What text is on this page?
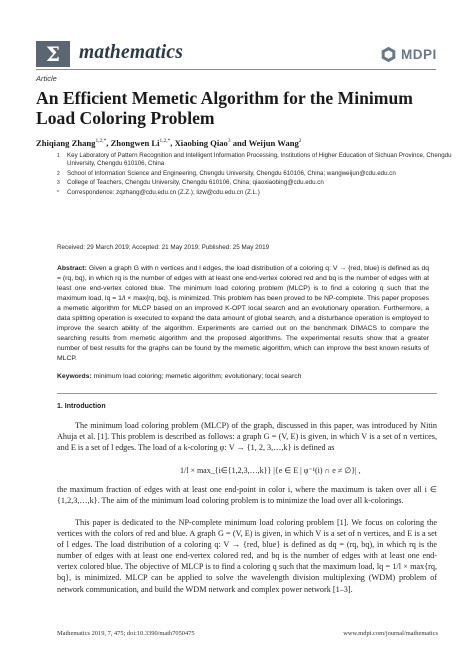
Σ mathematics	MDPI
Article
An Efficient Memetic Algorithm for the Minimum Load Coloring Problem
Zhiqiang Zhang$^{1,2,*}$, Zhongwen $Li^{1,2,*}$, Xiaobing Qiao$^3$ and Weijun Wang$^2$
1 Key Laboratory of Pattern Recognition and Intelligent Information Processing, Institutions of Higher Education of Sichuan Province, Chengdu University, Chengdu 610106, China
2 School of Information Science and Engineering, Chengdu University, Chengdu 610106, China; wangweijun@cdu.edu.cn
3 College of Teachers, Chengdu University, Chengdu 610106, China; qiaoxiaobing@cdu.edu.cn
* Correspondence: zqzhang@cdu.edu.cn (Z.Z.); lizw@cdu.edu.cn (Z.L.)
Received: 29 March 2019; Accepted: 21 May 2019; Published: 25 May 2019
Abstract: Given a graph G with n vertices and l edges, the load distribution of a coloring q: V → {red, blue} is defined as dq = (rq, bq), in which rq is the number of edges with at least one end-vertex colored red and bq is the number of edges with at least one end-vertex colored blue. The minimum load coloring problem (MLCP) is to find a coloring q such that the maximum load, lq = 1/l × max{rq, bq}, is minimized. This problem has been proved to be NP-complete. This paper proposes a memetic algorithm for MLCP based on an improved K-OPT local search and an evolutionary operation. Furthermore, a data splitting operation is executed to expand the data amount of global search, and a disturbance operation is employed to improve the search ability of the algorithm. Experiments are carried out on the benchmark DIMACS to compare the searching results from memetic algorithm and the proposed algorithms. The experimental results show that a greater number of best results for the graphs can be found by the memetic algorithm, which can improve the best known results of MLCP.
Keywords: minimum load coloring; memetic algorithm; evolutionary; local search
1. Introduction

The minimum load coloring problem (MLCP) of the graph, discussed in this paper, was introduced by Nitin Ahuja et al. [1]. This problem is described as follows: a graph G = (V, E) is given, in which V is a set of n vertices, and E is a set of l edges. The load of a k-coloring φ: V → {1, 2, 3,…,k} is defined as

1/l × max_{i∈{1,2,3,…,k}} |{e ∈ E | φ⁻¹(i) ∩ e ≠ ∅}| ,

the maximum fraction of edges with at least one end-point in color i, where the maximum is taken over all i ∈ {1,2,3,…,k}. The aim of the minimum load coloring problem is to minimize the load over all k-colorings.

This paper is dedicated to the NP-complete minimum load coloring problem [1]. We focus on coloring the vertices with the colors of red and blue. A graph G = (V, E) is given, in which V is a set of n vertices, and E is a set of l edges. The load distribution of a coloring q: V → {red, blue} is defined as dq = (rq, bq), in which rq is the number of edges with at least one end-vertex colored red, and bq is the number of edges with at least one end-vertex colored blue. The objective of MLCP is to find a coloring q such that the maximum load, lq = 1/l × max{rq, bq}, is minimized. MLCP can be applied to solve the wavelength division multiplexing (WDM) problem of network communication, and build the WDM network and complex power network [1–3].

Mathematics 2019, 7, 475; doi:10.3390/math7050475	www.mdpi.com/journal/mathematics
